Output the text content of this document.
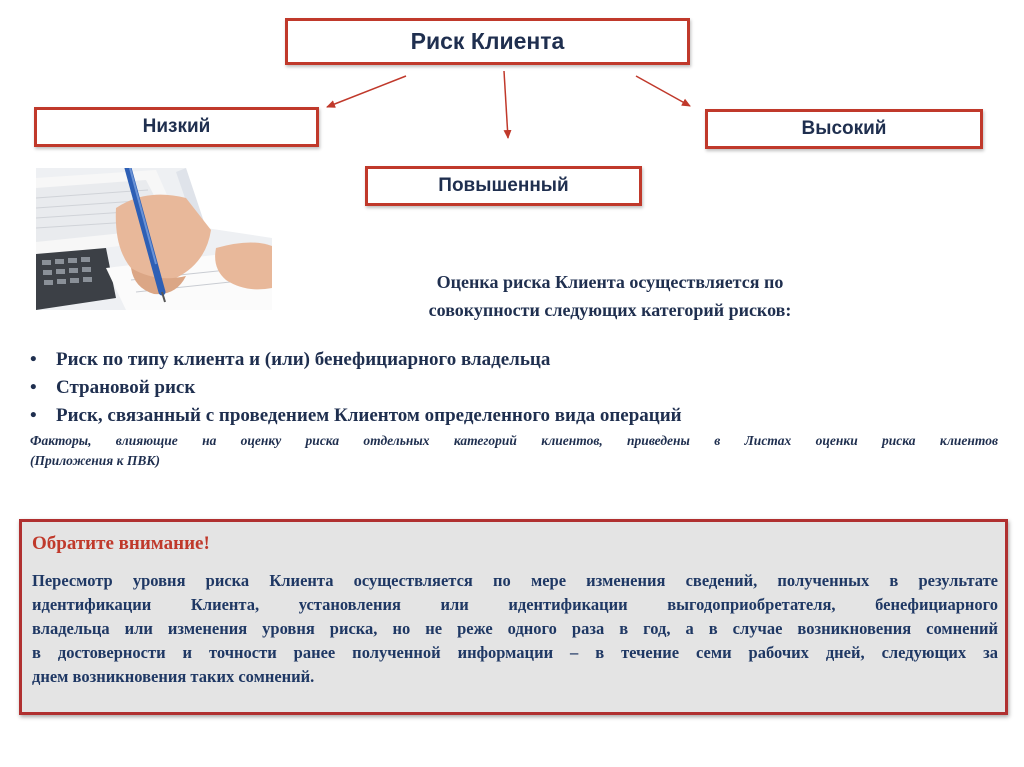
Риск Клиента
Низкий	Высокий
Повышенный
Оценка риска Клиента осуществляется по
совокупности следующих категорий рисков:
• Риск по типу клиента и (или) бенефициарного владельца
• Страновой риск
• Риск, связанный с проведением Клиентом определенного вида операций
Факторы, влияющие на оценку риска отдельных категорий клиентов, приведены в Листах оценки риска клиентов
(Приложения к ПВК)
Обратите внимание!
Пересмотр уровня риска Клиента осуществляется по мере изменения сведений, полученных в результате
идентификации Клиента, установления или идентификации выгодоприобретателя, бенефициарного
владельца или изменения уровня риска, но не реже одного раза в год, а в случае возникновения сомнений
в достоверности и точности ранее полученной информации – в течение семи рабочих дней, следующих за
днем возникновения таких сомнений.
